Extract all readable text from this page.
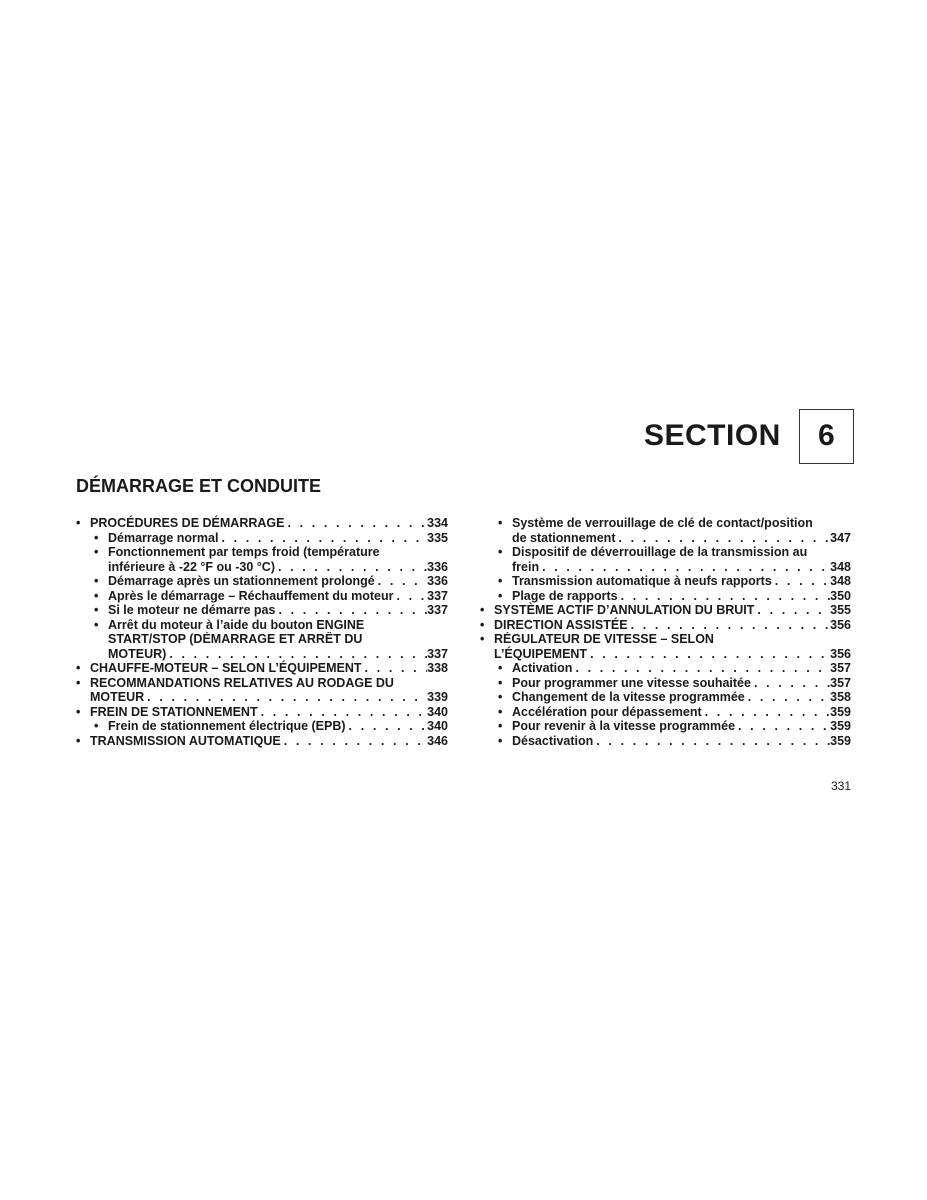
SECTION	6
DÉMARRAGE ET CONDUITE
• PROCÉDURES DE DÉMARRAGE . . .	334
• Démarrage normal . . .	335
• Fonctionnement par temps froid (température
inférieure à -22 °F ou -30 °C) . . .	336
• Démarrage après un stationnement prolongé . . .	336
• Après le démarrage – Réchauffement du moteur . . .	337
• Si le moteur ne démarre pas . . .	337
• Arrêt du moteur à l’aide du bouton ENGINE
START/STOP (DÉMARRAGE ET ARRÊT DU
MOTEUR) . . .	337
• CHAUFFE-MOTEUR – SELON L’ÉQUIPEMENT . . .	338
• RECOMMANDATIONS RELATIVES AU RODAGE DU
MOTEUR . . .	339
• FREIN DE STATIONNEMENT . . .	340
• Frein de stationnement électrique (EPB) . . .	340
• TRANSMISSION AUTOMATIQUE . . .	346
• Système de verrouillage de clé de contact/position
de stationnement . . .	347
• Dispositif de déverrouillage de la transmission au
frein . . .	348
• Transmission automatique à neufs rapports . . .	348
• Plage de rapports . . .	350
• SYSTÈME ACTIF D’ANNULATION DU BRUIT . . .	355
• DIRECTION ASSISTÉE . . .	356
• RÉGULATEUR DE VITESSE – SELON
L’ÉQUIPEMENT . . .	356
• Activation . . .	357
• Pour programmer une vitesse souhaitée . . .	357
• Changement de la vitesse programmée . . .	358
• Accélération pour dépassement . . .	359
• Pour revenir à la vitesse programmée . . .	359
• Désactivation . . .	359
331
